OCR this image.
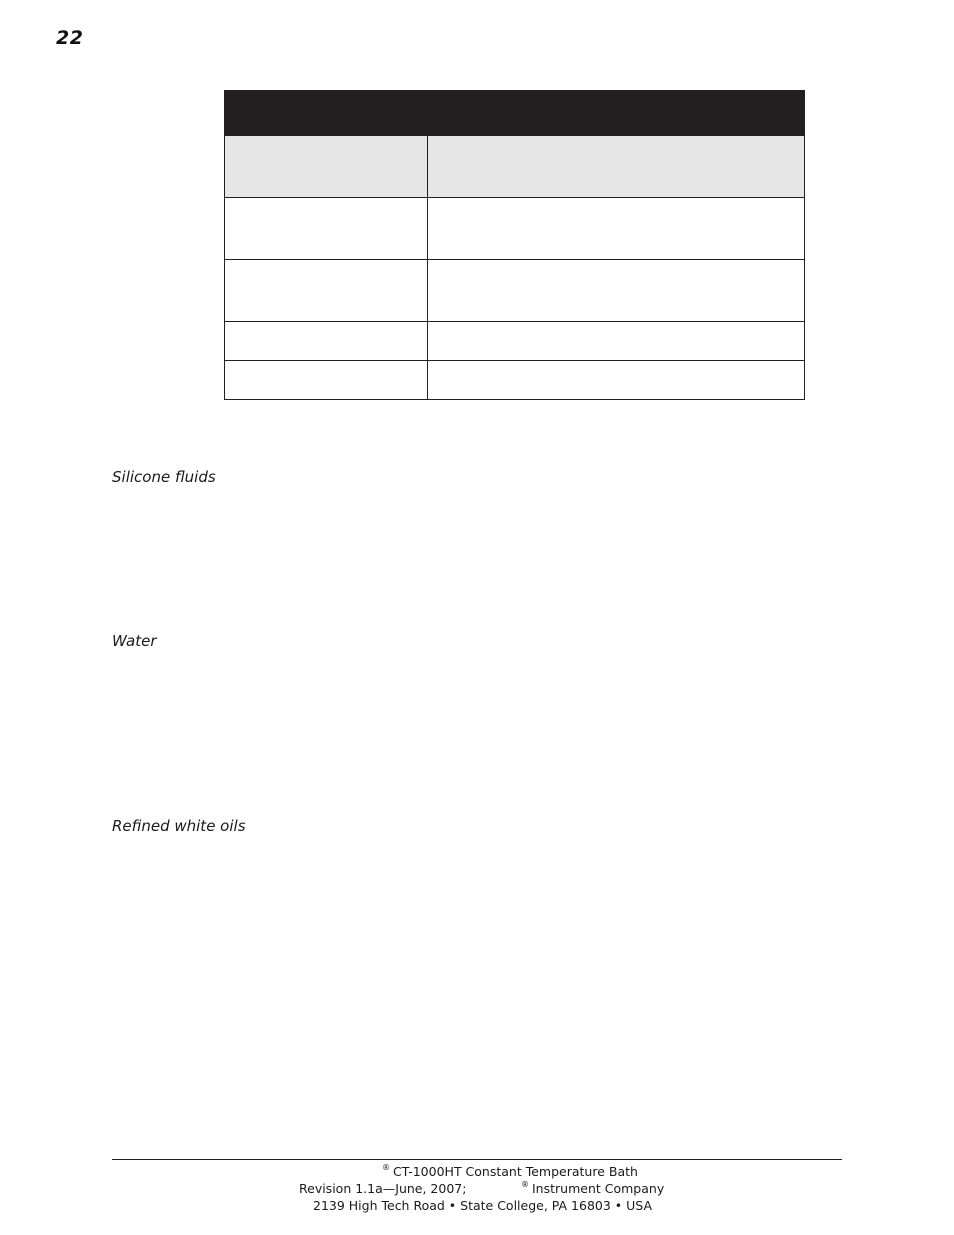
22

Silicone fluids
Water
Refined white oils
® CT-1000HT Constant Temperature Bath
Revision 1.1a—June, 2007;	® Instrument Company
2139 High Tech Road • State College, PA 16803 • USA
